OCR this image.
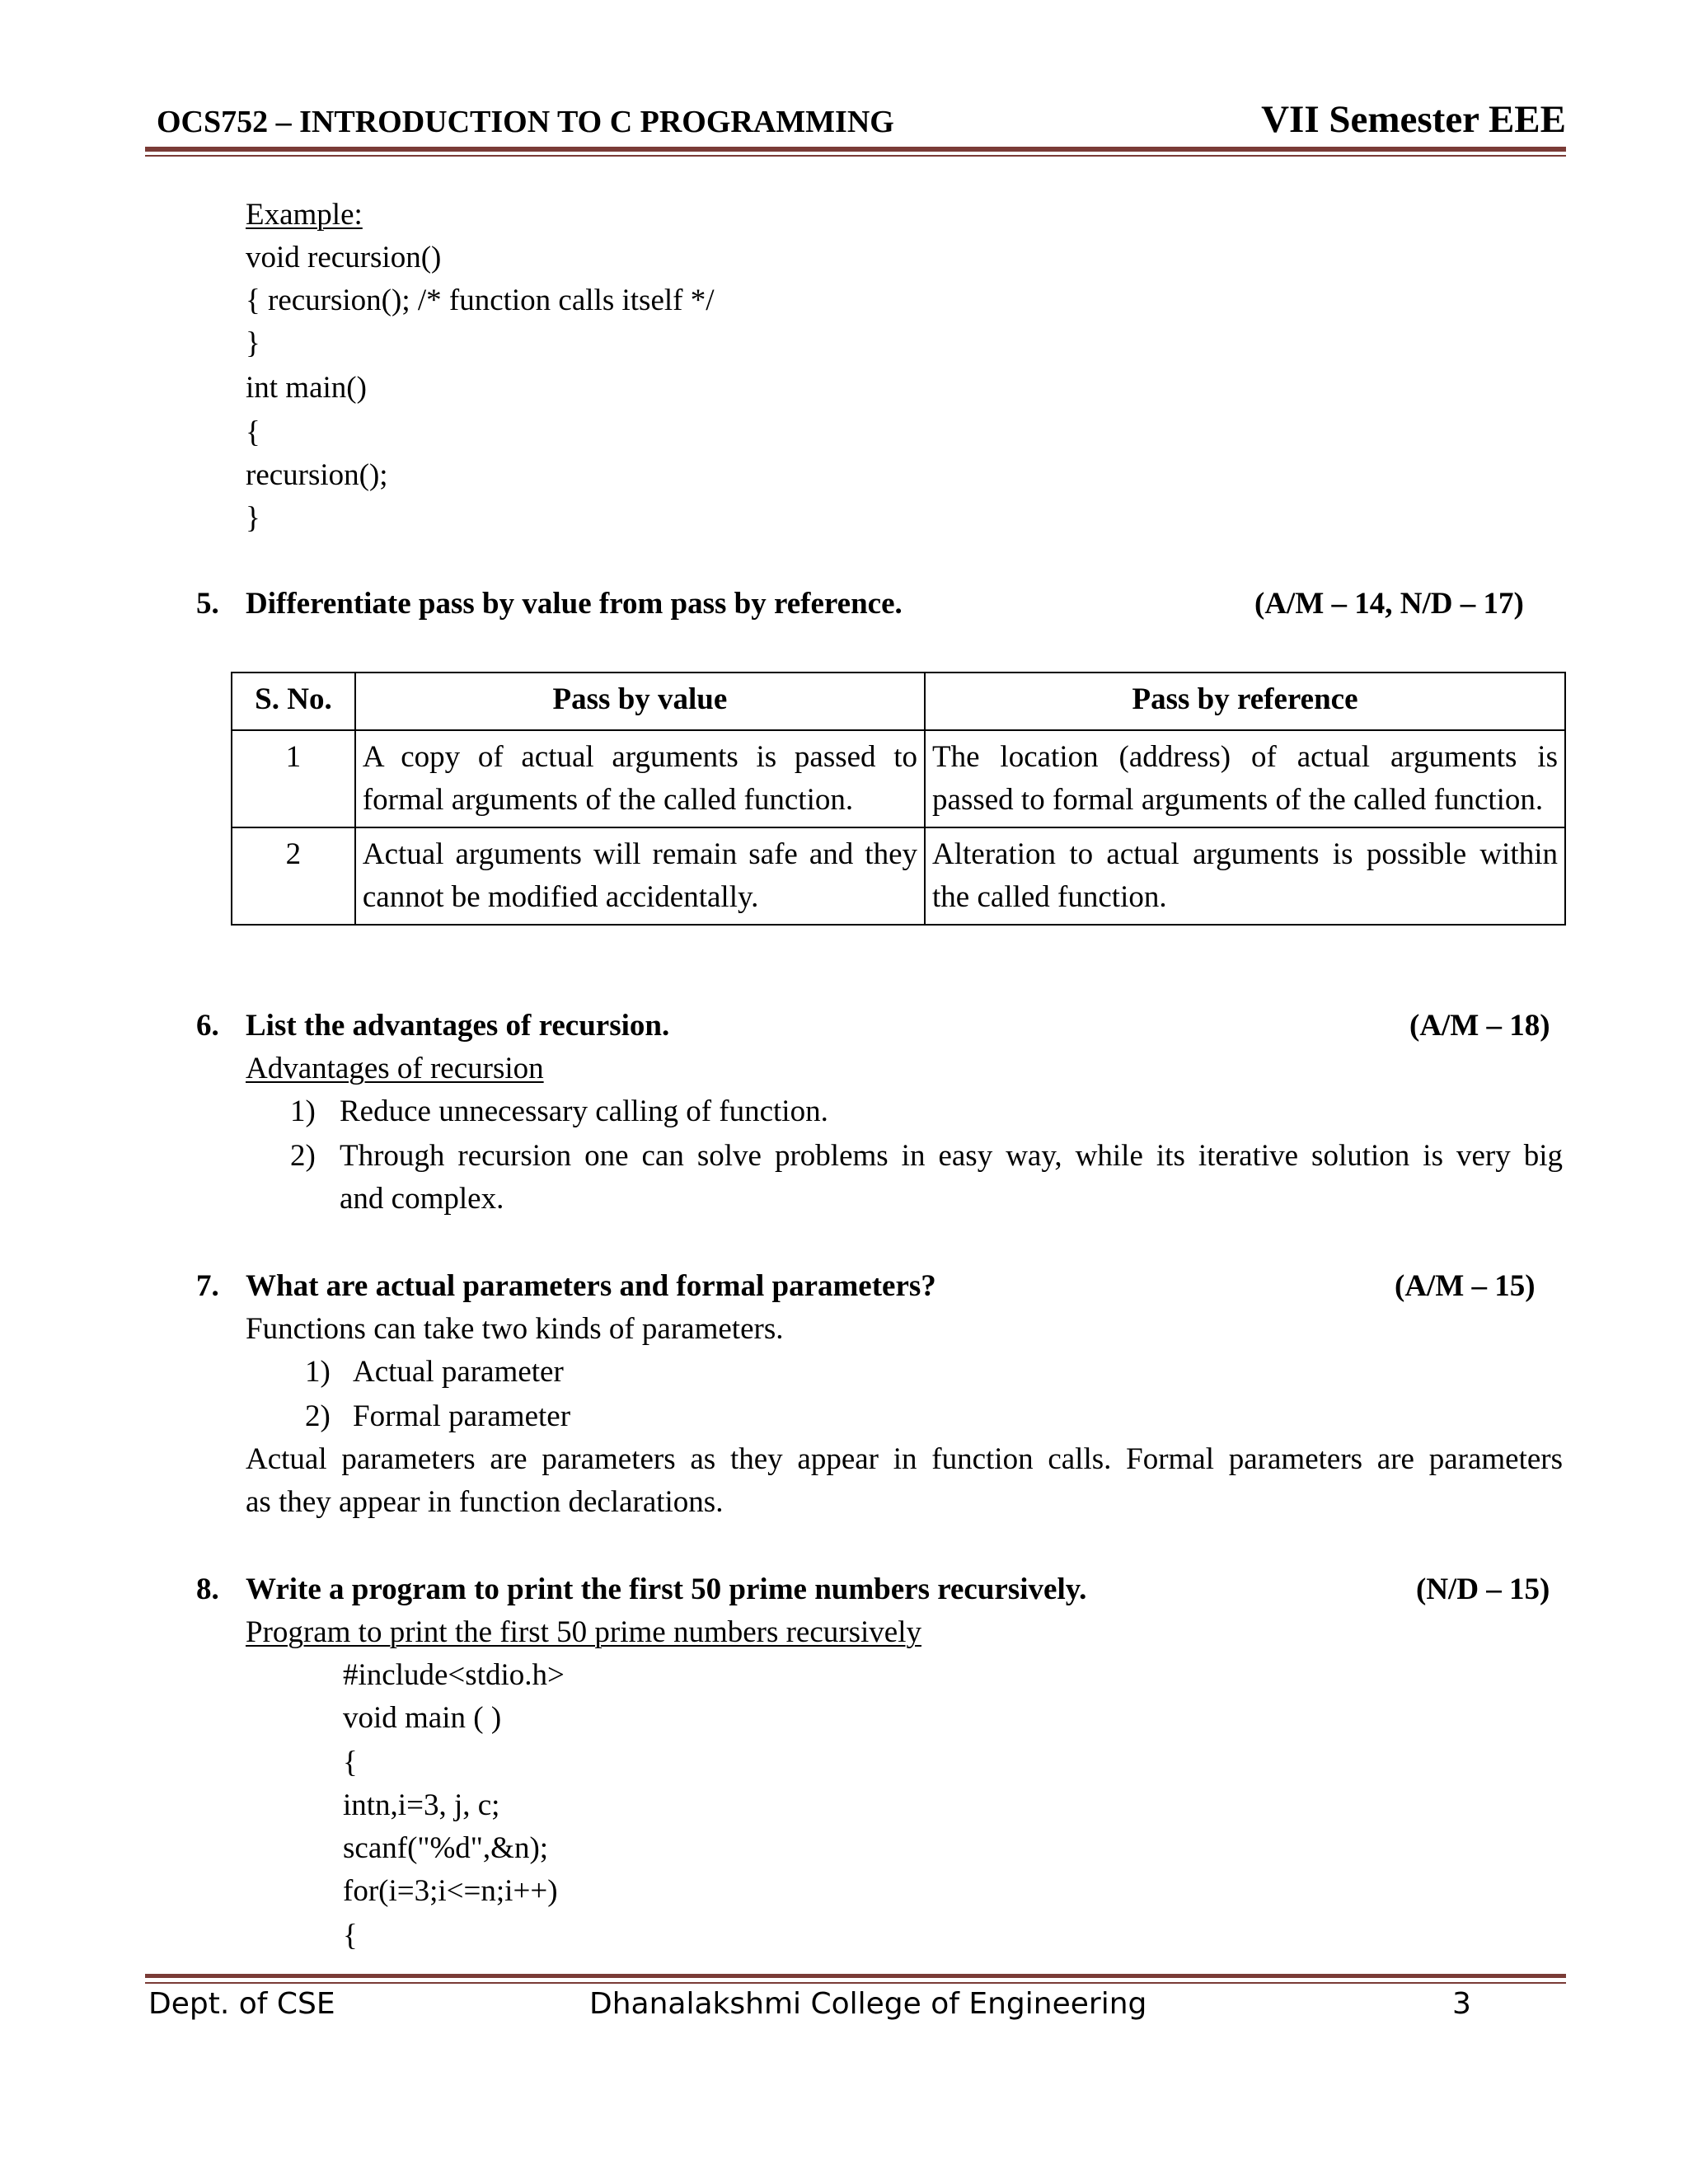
OCS752 – INTRODUCTION TO C PROGRAMMING	VII Semester EEE
Example:
void recursion()
{ recursion(); /* function calls itself */
}
int main()
{
recursion();
}
5. Differentiate pass by value from pass by reference.	(A/M – 14, N/D – 17)
S. No.	Pass by value	Pass by reference
1	A copy of actual arguments is passed to formal arguments of the called function.	The location (address) of actual arguments is passed to formal arguments of the called function.
2	Actual arguments will remain safe and they cannot be modified accidentally.	Alteration to actual arguments is possible within the called function.
6. List the advantages of recursion.	(A/M – 18)
Advantages of recursion
1) Reduce unnecessary calling of function.
2) Through recursion one can solve problems in easy way, while its iterative solution is very big
and complex.
7. What are actual parameters and formal parameters?	(A/M – 15)
Functions can take two kinds of parameters.
1) Actual parameter
2) Formal parameter
Actual parameters are parameters as they appear in function calls. Formal parameters are parameters
as they appear in function declarations.
8. Write a program to print the first 50 prime numbers recursively.	(N/D – 15)
Program to print the first 50 prime numbers recursively
#include<stdio.h>
void main ( )
{
intn,i=3, j, c;
scanf("%d",&n);
for(i=3;i<=n;i++)
{
Dept. of CSE	Dhanalakshmi College of Engineering	3
